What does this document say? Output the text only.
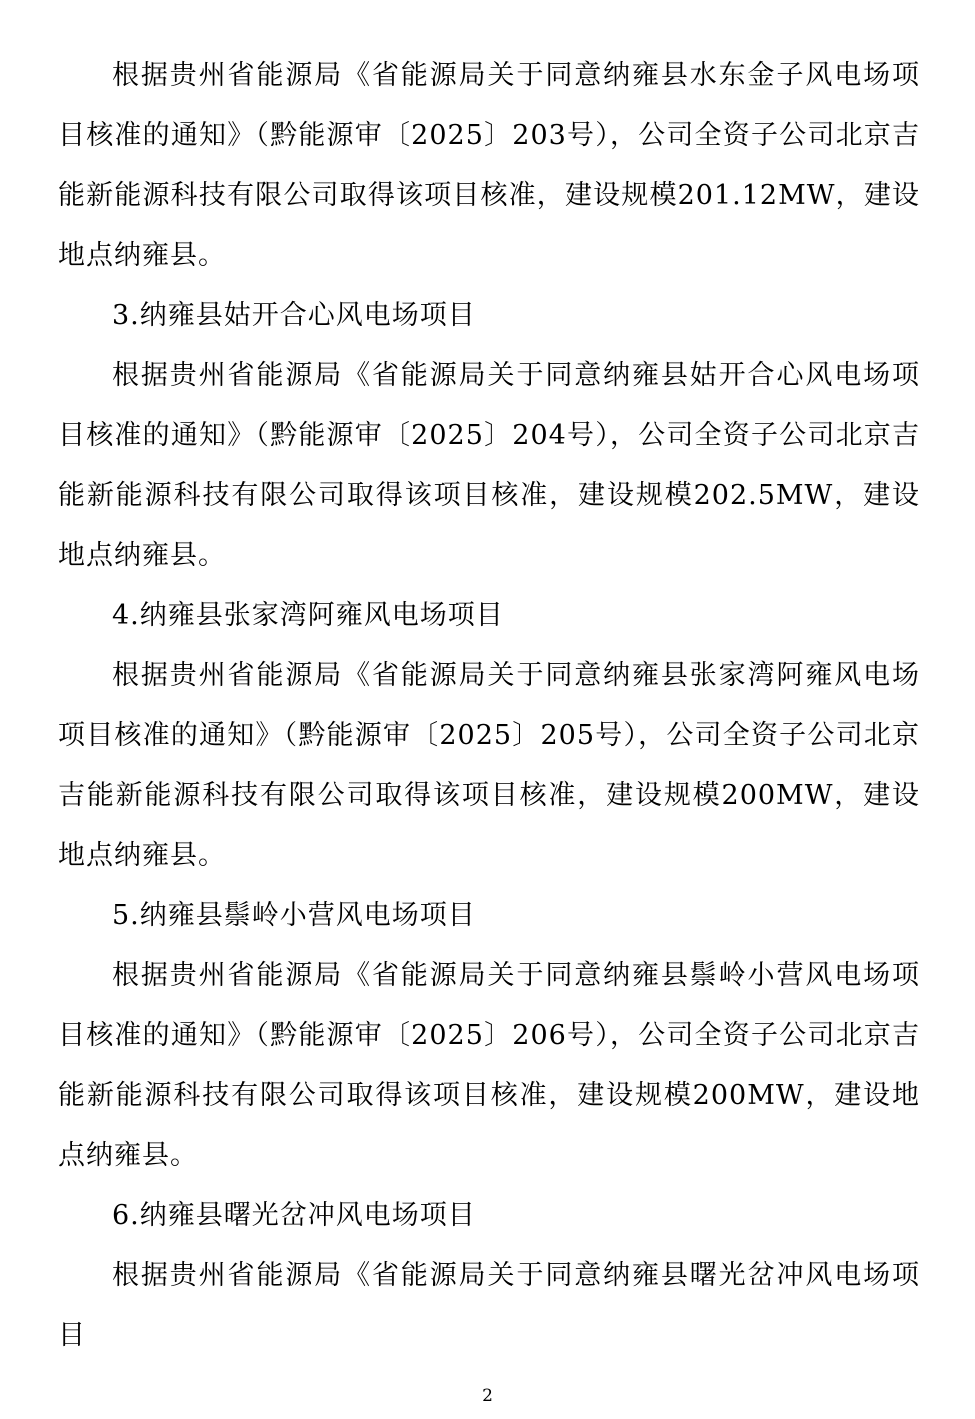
根据贵州省能源局《省能源局关于同意纳雍县水东金子风电场项目核准的通知》（黔能源审〔2025〕203号），公司全资子公司北京吉能新能源科技有限公司取得该项目核准，建设规模201.12MW，建设地点纳雍县。

3.纳雍县姑开合心风电场项目

根据贵州省能源局《省能源局关于同意纳雍县姑开合心风电场项目核准的通知》（黔能源审〔2025〕204号），公司全资子公司北京吉能新能源科技有限公司取得该项目核准，建设规模202.5MW，建设地点纳雍县。

4.纳雍县张家湾阿雍风电场项目

根据贵州省能源局《省能源局关于同意纳雍县张家湾阿雍风电场项目核准的通知》（黔能源审〔2025〕205号），公司全资子公司北京吉能新能源科技有限公司取得该项目核准，建设规模200MW，建设地点纳雍县。

5.纳雍县鬃岭小营风电场项目

根据贵州省能源局《省能源局关于同意纳雍县鬃岭小营风电场项目核准的通知》（黔能源审〔2025〕206号），公司全资子公司北京吉能新能源科技有限公司取得该项目核准，建设规模200MW，建设地点纳雍县。

6.纳雍县曙光岔冲风电场项目

根据贵州省能源局《省能源局关于同意纳雍县曙光岔冲风电场项目

2
